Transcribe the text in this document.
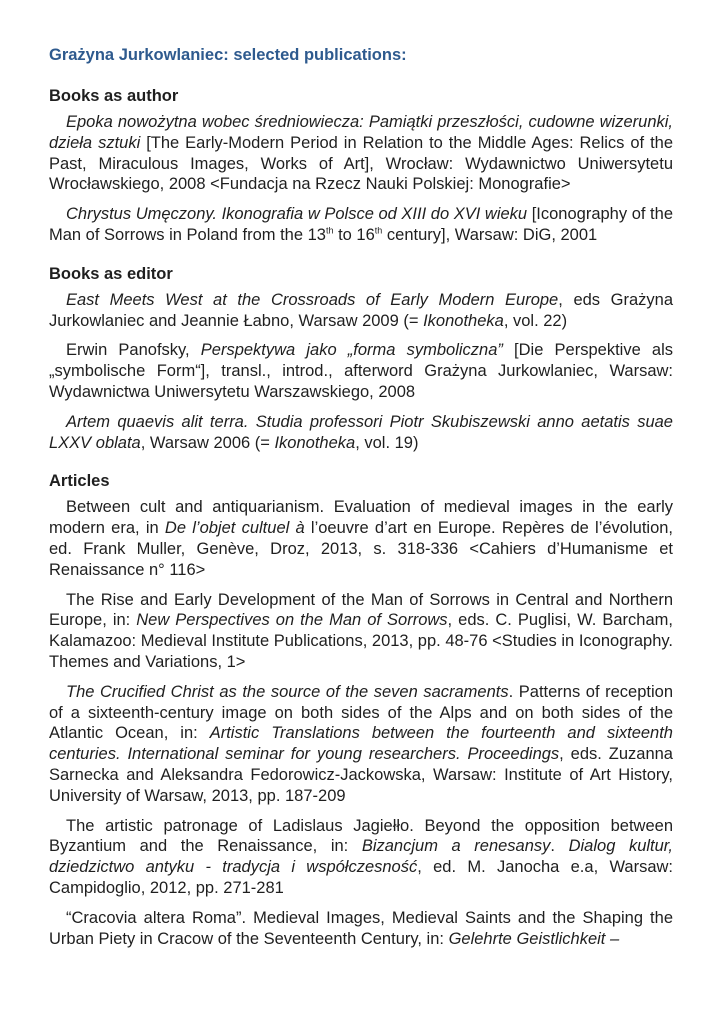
Grażyna Jurkowlaniec: selected publications:
Books as author

Epoka nowożytna wobec średniowiecza: Pamiątki przeszłości, cudowne wizerunki, dzieła sztuki [The Early-Modern Period in Relation to the Middle Ages: Relics of the Past, Miraculous Images, Works of Art], Wrocław: Wydawnictwo Uniwersytetu Wrocławskiego, 2008 <Fundacja na Rzecz Nauki Polskiej: Monografie>

Chrystus Umęczony. Ikonografia w Polsce od XIII do XVI wieku [Iconography of the Man of Sorrows in Poland from the 13th to 16th century], Warsaw: DiG, 2001

Books as editor

East Meets West at the Crossroads of Early Modern Europe, eds Grażyna Jurkowlaniec and Jeannie Łabno, Warsaw 2009 (= Ikonotheka, vol. 22)

Erwin Panofsky, Perspektywa jako „forma symboliczna” [Die Perspektive als „symbolische Form“], transl., introd., afterword Grażyna Jurkowlaniec, Warsaw: Wydawnictwa Uniwersytetu Warszawskiego, 2008

Artem quaevis alit terra. Studia professori Piotr Skubiszewski anno aetatis suae LXXV oblata, Warsaw 2006 (= Ikonotheka, vol. 19)

Articles

Between cult and antiquarianism. Evaluation of medieval images in the early modern era, in De l’objet cultuel à l’oeuvre d’art en Europe. Repères de l’évolution, ed. Frank Muller, Genève, Droz, 2013, s. 318-336 <Cahiers d’Humanisme et Renaissance n° 116>

The Rise and Early Development of the Man of Sorrows in Central and Northern Europe, in: New Perspectives on the Man of Sorrows, eds. C. Puglisi, W. Barcham, Kalamazoo: Medieval Institute Publications, 2013, pp. 48-76 <Studies in Iconography. Themes and Variations, 1>

The Crucified Christ as the source of the seven sacraments. Patterns of reception of a sixteenth-century image on both sides of the Alps and on both sides of the Atlantic Ocean, in: Artistic Translations between the fourteenth and sixteenth centuries. International seminar for young researchers. Proceedings, eds. Zuzanna Sarnecka and Aleksandra Fedorowicz-Jackowska, Warsaw: Institute of Art History, University of Warsaw, 2013, pp. 187-209

The artistic patronage of Ladislaus Jagiełło. Beyond the opposition between Byzantium and the Renaissance, in: Bizancjum a renesansy. Dialog kultur, dziedzictwo antyku - tradycja i współczesność, ed. M. Janocha e.a, Warsaw: Campidoglio, 2012, pp. 271-281

“Cracovia altera Roma”. Medieval Images, Medieval Saints and the Shaping the Urban Piety in Cracow of the Seventeenth Century, in: Gelehrte Geistlichkeit –
